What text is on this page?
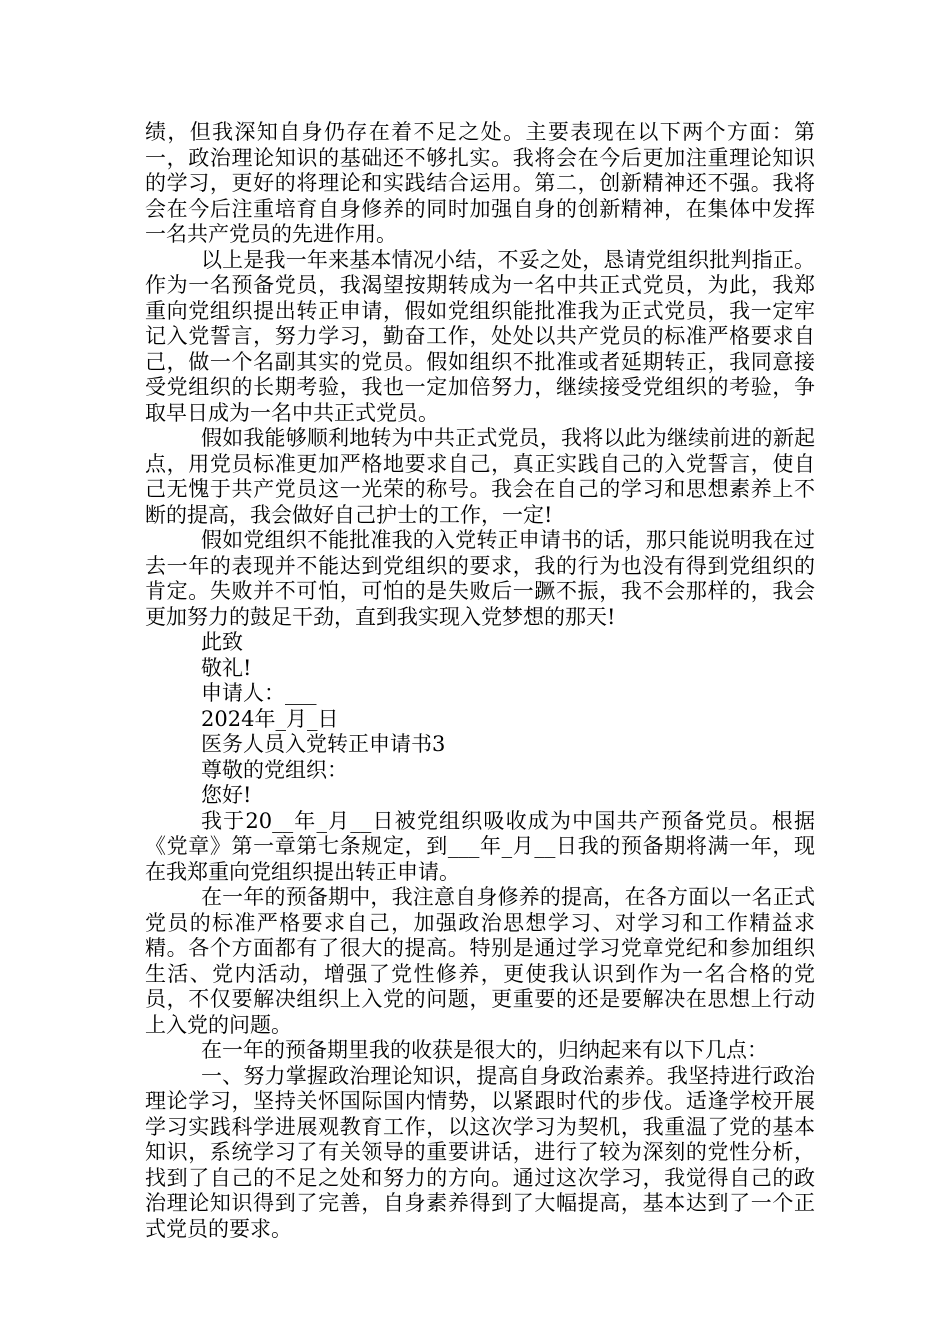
绩，但我深知自身仍存在着不足之处。主要表现在以下两个方面：第一，政治理论知识的基础还不够扎实。我将会在今后更加注重理论知识的学习，更好的将理论和实践结合运用。第二，创新精神还不强。我将会在今后注重培育自身修养的同时加强自身的创新精神，在集体中发挥一名共产党员的先进作用。

以上是我一年来基本情况小结，不妥之处，恳请党组织批判指正。作为一名预备党员，我渴望按期转成为一名中共正式党员，为此，我郑重向党组织提出转正申请，假如党组织能批准我为正式党员，我一定牢记入党誓言，努力学习，勤奋工作，处处以共产党员的标准严格要求自己，做一个名副其实的党员。假如组织不批准或者延期转正，我同意接受党组织的长期考验，我也一定加倍努力，继续接受党组织的考验，争取早日成为一名中共正式党员。

假如我能够顺利地转为中共正式党员，我将以此为继续前进的新起点，用党员标准更加严格地要求自己，真正实践自己的入党誓言，使自己无愧于共产党员这一光荣的称号。我会在自己的学习和思想素养上不断的提高，我会做好自己护士的工作，一定!

假如党组织不能批准我的入党转正申请书的话，那只能说明我在过去一年的表现并不能达到党组织的要求，我的行为也没有得到党组织的肯定。失败并不可怕，可怕的是失败后一蹶不振，我不会那样的，我会更加努力的鼓足干劲，直到我实现入党梦想的那天!

此致

敬礼!

申请人：___

2024年_月_日

医务人员入党转正申请书3

尊敬的党组织：

您好!

我于20__年_月__日被党组织吸收成为中国共产预备党员。根据《党章》第一章第七条规定，到___年_月__日我的预备期将满一年，现在我郑重向党组织提出转正申请。

在一年的预备期中，我注意自身修养的提高，在各方面以一名正式党员的标准严格要求自己，加强政治思想学习、对学习和工作精益求精。各个方面都有了很大的提高。特别是通过学习党章党纪和参加组织生活、党内活动，增强了党性修养，更使我认识到作为一名合格的党员，不仅要解决组织上入党的问题，更重要的还是要解决在思想上行动上入党的问题。

在一年的预备期里我的收获是很大的，归纳起来有以下几点：

一、努力掌握政治理论知识，提高自身政治素养。我坚持进行政治理论学习，坚持关怀国际国内情势，以紧跟时代的步伐。适逢学校开展学习实践科学进展观教育工作，以这次学习为契机，我重温了党的基本知识，系统学习了有关领导的重要讲话，进行了较为深刻的党性分析，找到了自己的不足之处和努力的方向。通过这次学习，我觉得自己的政治理论知识得到了完善，自身素养得到了大幅提高，基本达到了一个正式党员的要求。
